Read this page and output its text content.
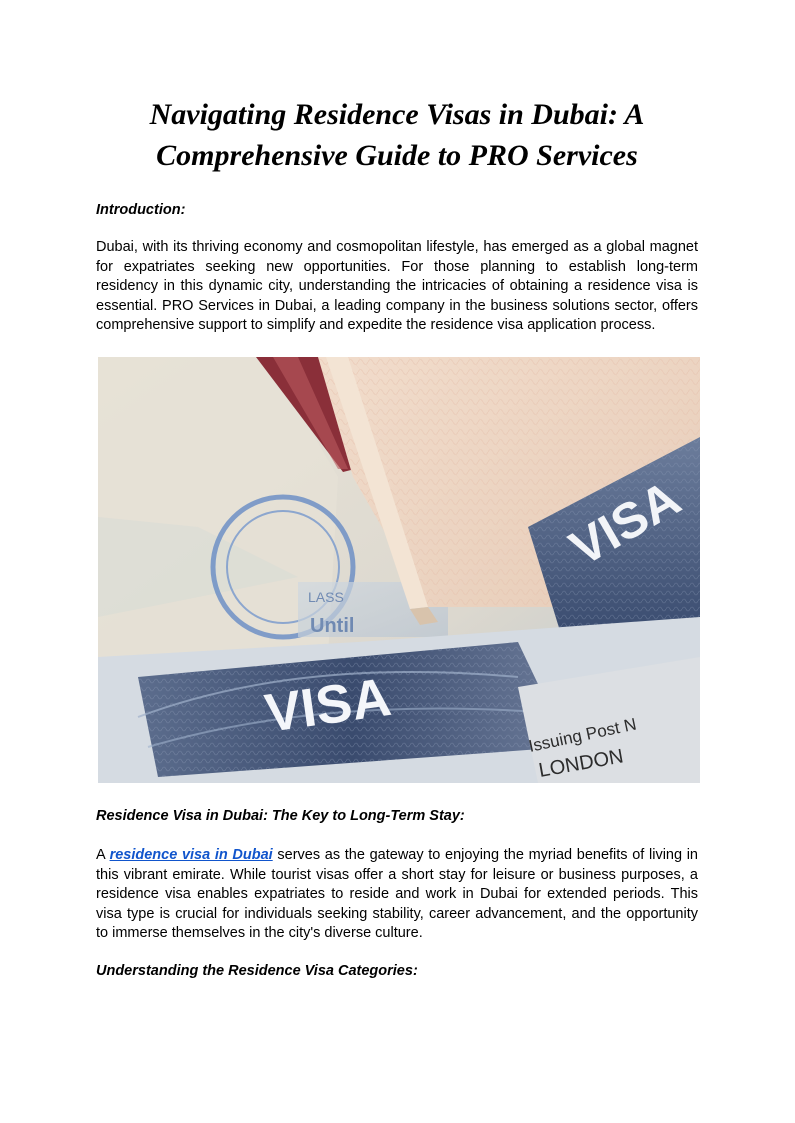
Navigating Residence Visas in Dubai: A
Comprehensive Guide to PRO Services

Introduction:

Dubai, with its thriving economy and cosmopolitan lifestyle, has emerged as a global magnet
for expatriates seeking new opportunities. For those planning to establish long-term
residency in this dynamic city, understanding the intricacies of obtaining a residence visa is
essential. PRO Services in Dubai, a leading company in the business solutions sector, offers
comprehensive support to simplify and expedite the residence visa application process.
LASS
Until
VISA
VISA	Issuing Post N
LONDON

Residence Visa in Dubai: The Key to Long-Term Stay:

A residence visa in Dubai serves as the gateway to enjoying the myriad benefits of living in
this vibrant emirate. While tourist visas offer a short stay for leisure or business purposes, a
residence visa enables expatriates to reside and work in Dubai for extended periods. This
visa type is crucial for individuals seeking stability, career advancement, and the opportunity
to immerse themselves in the city's diverse culture.

Understanding the Residence Visa Categories:
